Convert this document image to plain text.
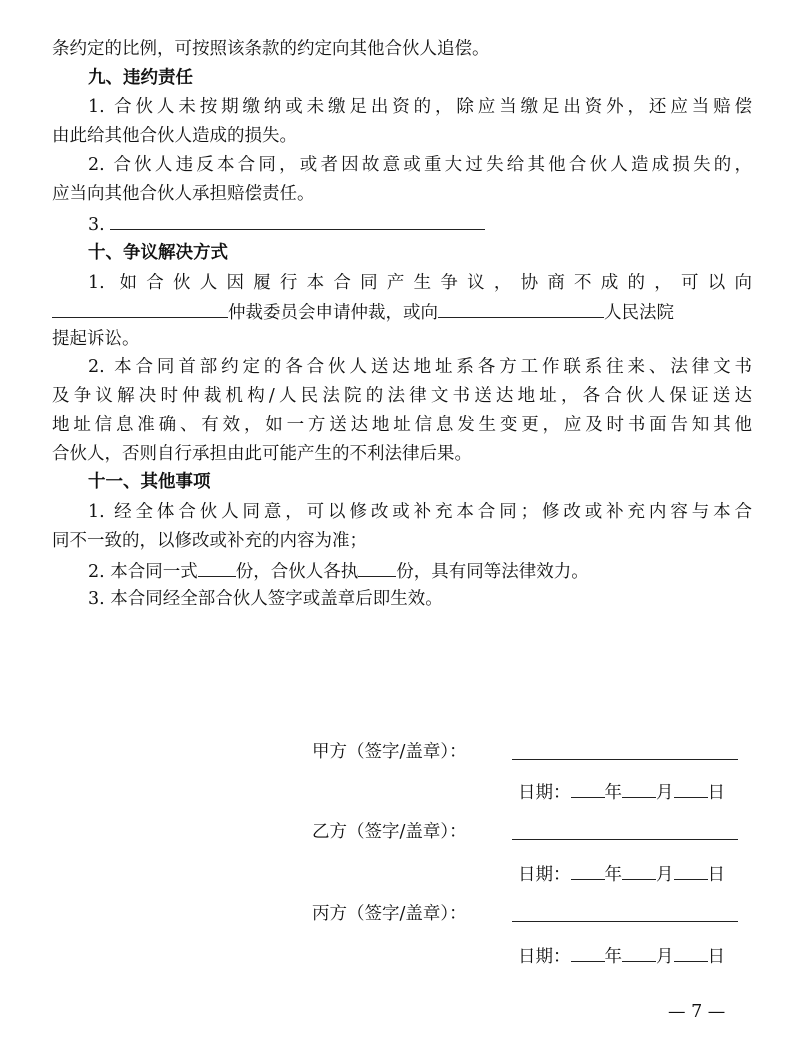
条约定的比例，可按照该条款的约定向其他合伙人追偿。
九、违约责任
1. 合伙人未按期缴纳或未缴足出资的，除应当缴足出资外，还应当赔偿
由此给其他合伙人造成的损失。
2. 合伙人违反本合同，或者因故意或重大过失给其他合伙人造成损失的，
应当向其他合伙人承担赔偿责任。
3.
十、争议解决方式
1. 如合伙人因履行本合同产生争议，协商不成的，可以向
仲裁委员会申请仲裁，或向	人民法院
提起诉讼。
2. 本合同首部约定的各合伙人送达地址系各方工作联系往来、法律文书
及争议解决时仲裁机构/人民法院的法律文书送达地址，各合伙人保证送达
地址信息准确、有效，如一方送达地址信息发生变更，应及时书面告知其他
合伙人，否则自行承担由此可能产生的不利法律后果。
十一、其他事项
1. 经全体合伙人同意，可以修改或补充本合同；修改或补充内容与本合
同不一致的，以修改或补充的内容为准；
2. 本合同一式 份，合伙人各执 份，具有同等法律效力。
3. 本合同经全部合伙人签字或盖章后即生效。
甲方（签字/盖章）：
日期： 年 月 日
乙方（签字/盖章）：
日期： 年 月 日
丙方（签字/盖章）：
日期： 年 月 日
— 7 —
